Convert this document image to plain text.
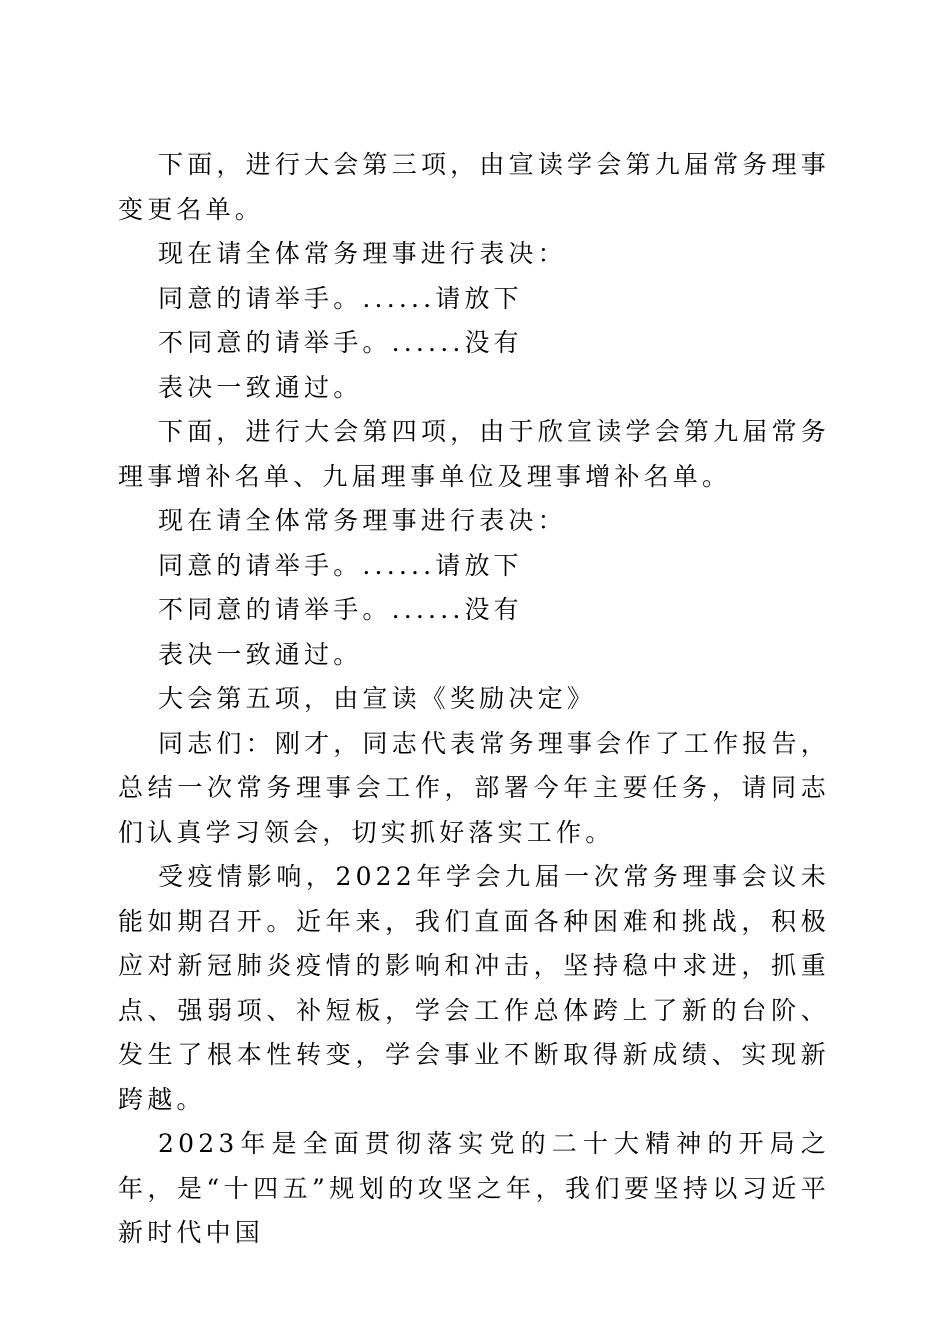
下面，进行大会第三项，由宣读学会第九届常务理事变更名单。

现在请全体常务理事进行表决：

同意的请举手。......请放下

不同意的请举手。......没有

表决一致通过。

下面，进行大会第四项，由于欣宣读学会第九届常务理事增补名单、九届理事单位及理事增补名单。

现在请全体常务理事进行表决：

同意的请举手。......请放下

不同意的请举手。......没有

表决一致通过。

大会第五项，由宣读《奖励决定》

同志们：刚才，同志代表常务理事会作了工作报告，总结一次常务理事会工作，部署今年主要任务，请同志们认真学习领会，切实抓好落实工作。

受疫情影响，2022年学会九届一次常务理事会议未能如期召开。近年来，我们直面各种困难和挑战，积极应对新冠肺炎疫情的影响和冲击，坚持稳中求进，抓重点、强弱项、补短板，学会工作总体跨上了新的台阶、发生了根本性转变，学会事业不断取得新成绩、实现新跨越。

2023年是全面贯彻落实党的二十大精神的开局之年，是“十四五”规划的攻坚之年，我们要坚持以习近平新时代中国
